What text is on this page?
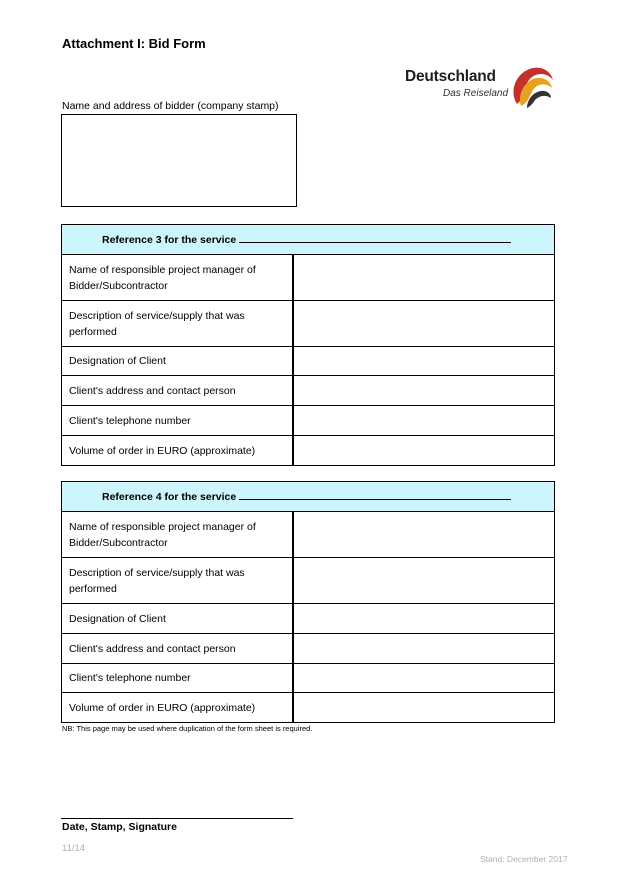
Attachment I: Bid Form
Deutschland
Das Reiseland
Name and address of bidder (company stamp)
Reference 3 for the service	
Name of responsible project manager of Bidder/Subcontractor	
Description of service/supply that was performed	
Designation of Client	
Client's address and contact person	
Client's telephone number	
Volume of order in EURO (approximate)	
Reference 4 for the service	
Name of responsible project manager of Bidder/Subcontractor	
Description of service/supply that was performed	
Designation of Client	
Client's address and contact person	
Client's telephone number	
Volume of order in EURO (approximate)	
NB: This page may be used where duplication of the form sheet is required.
Date, Stamp, Signature
11/14
Stand: December 2017
